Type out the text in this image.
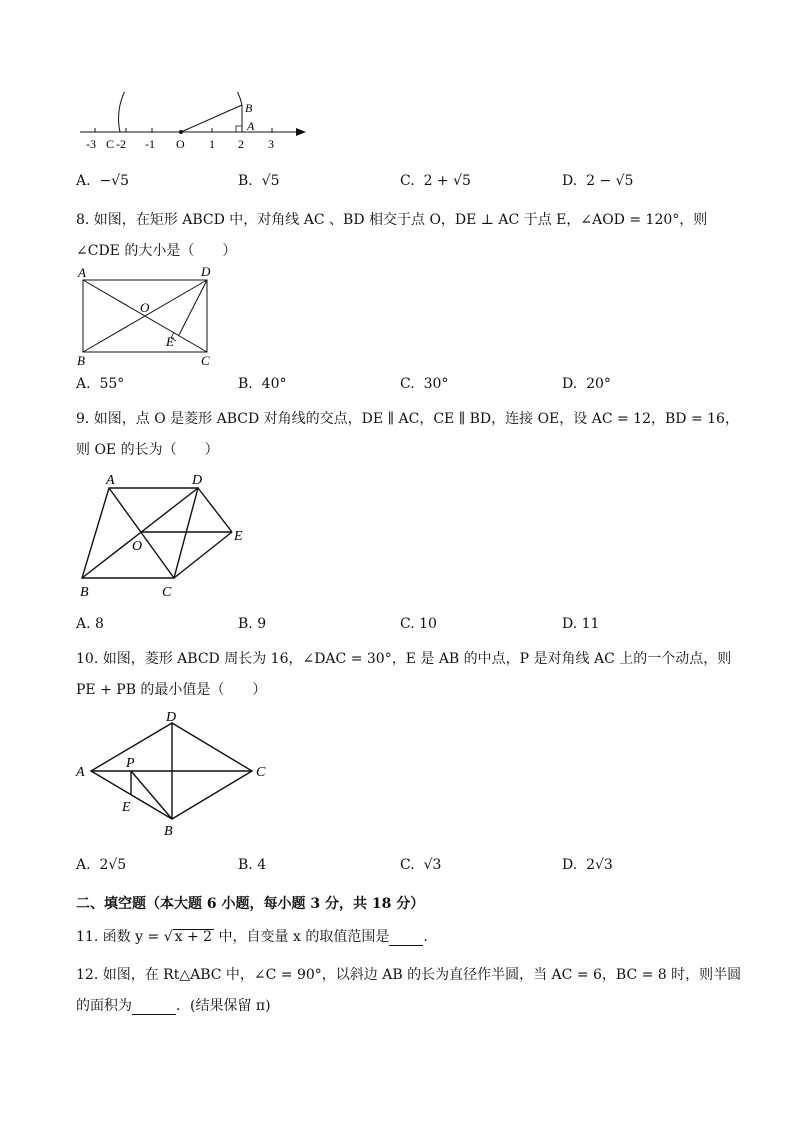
-3 C -2 -1 O 1 2 3
B
A
A. −√5	B. √5	C. 2 + √5	D. 2 − √5
8. 如图，在矩形 ABCD 中，对角线 AC 、BD 相交于点 O，DE ⊥ AC 于点 E，∠AOD = 120°，则
∠CDE 的大小是（　　）
A	D
B	C
O
E
A. 55°	B. 40°	C. 30°	D. 20°
9. 如图，点 O 是菱形 ABCD 对角线的交点，DE ∥ AC，CE ∥ BD，连接 OE，设 AC = 12，BD = 16，
则 OE 的长为（　　）
A	D
O
E
B	C
A. 8	B. 9	C. 10	D. 11
10. 如图，菱形 ABCD 周长为 16，∠DAC = 30°，E 是 AB 的中点，P 是对角线 AC 上的一个动点，则
PE + PB 的最小值是（　　）
D
A	C
P
E
B
A. 2√5	B. 4	C. √3	D. 2√3
二、填空题（本大题 6 小题，每小题 3 分，共 18 分）
11. 函数 y = √ x + 2 中，自变量 x 的取值范围是 .
12. 如图，在 Rt△ABC 中，∠C = 90°，以斜边 AB 的长为直径作半圆，当 AC = 6，BC = 8 时，则半圆
的面积为	．(结果保留 π)
